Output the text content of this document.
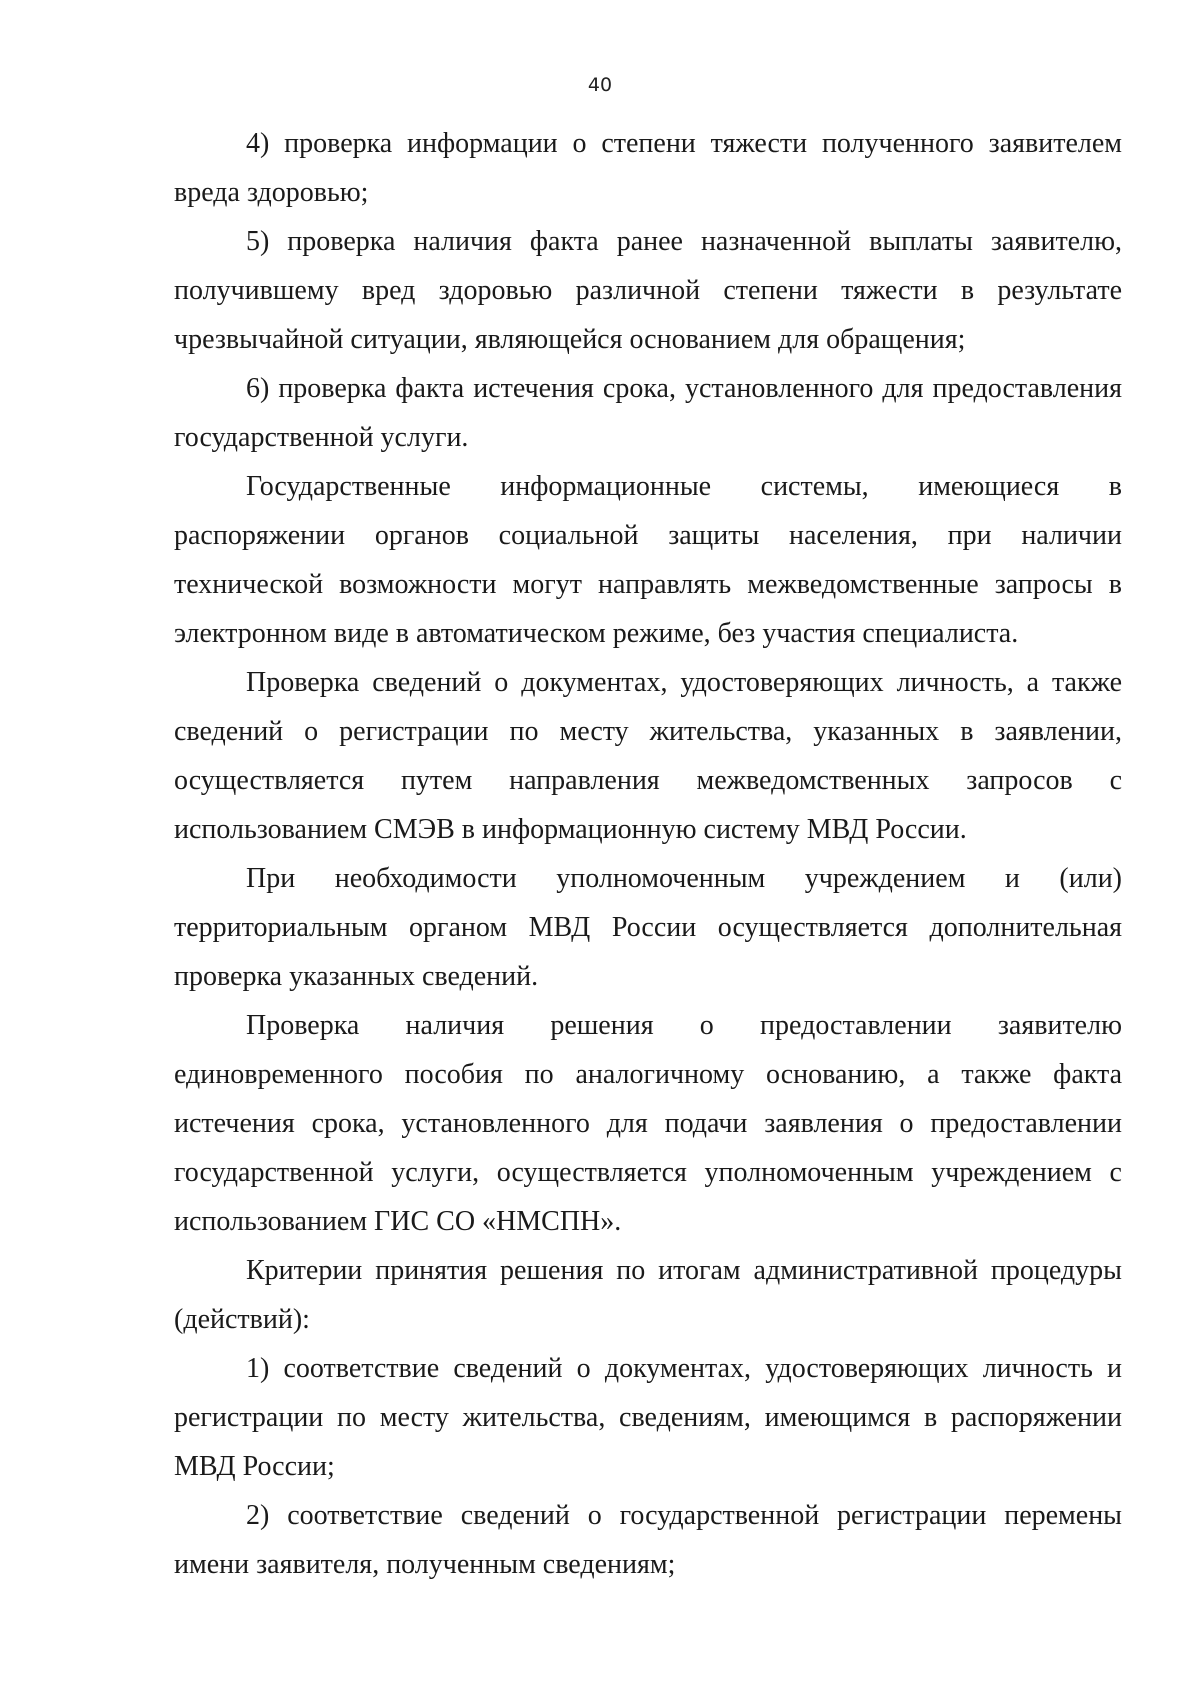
40

4) проверка информации о степени тяжести полученного заявителем вреда здоровью;

5) проверка наличия факта ранее назначенной выплаты заявителю, получившему вред здоровью различной степени тяжести в результате чрезвычайной ситуации, являющейся основанием для обращения;

6) проверка факта истечения срока, установленного для предоставления государственной услуги.

Государственные информационные системы, имеющиеся в распоряжении органов социальной защиты населения, при наличии технической возможности могут направлять межведомственные запросы в электронном виде в автоматическом режиме, без участия специалиста.

Проверка сведений о документах, удостоверяющих личность, а также сведений о регистрации по месту жительства, указанных в заявлении, осуществляется путем направления межведомственных запросов с использованием СМЭВ в информационную систему МВД России.

При необходимости уполномоченным учреждением и (или) территориальным органом МВД России осуществляется дополнительная проверка указанных сведений.

Проверка наличия решения о предоставлении заявителю единовременного пособия по аналогичному основанию, а также факта истечения срока, установленного для подачи заявления о предоставлении государственной услуги, осуществляется уполномоченным учреждением с использованием ГИС СО «НМСПН».

Критерии принятия решения по итогам административной процедуры (действий):

1) соответствие сведений о документах, удостоверяющих личность и регистрации по месту жительства, сведениям, имеющимся в распоряжении МВД России;

2) соответствие сведений о государственной регистрации перемены имени заявителя, полученным сведениям;
